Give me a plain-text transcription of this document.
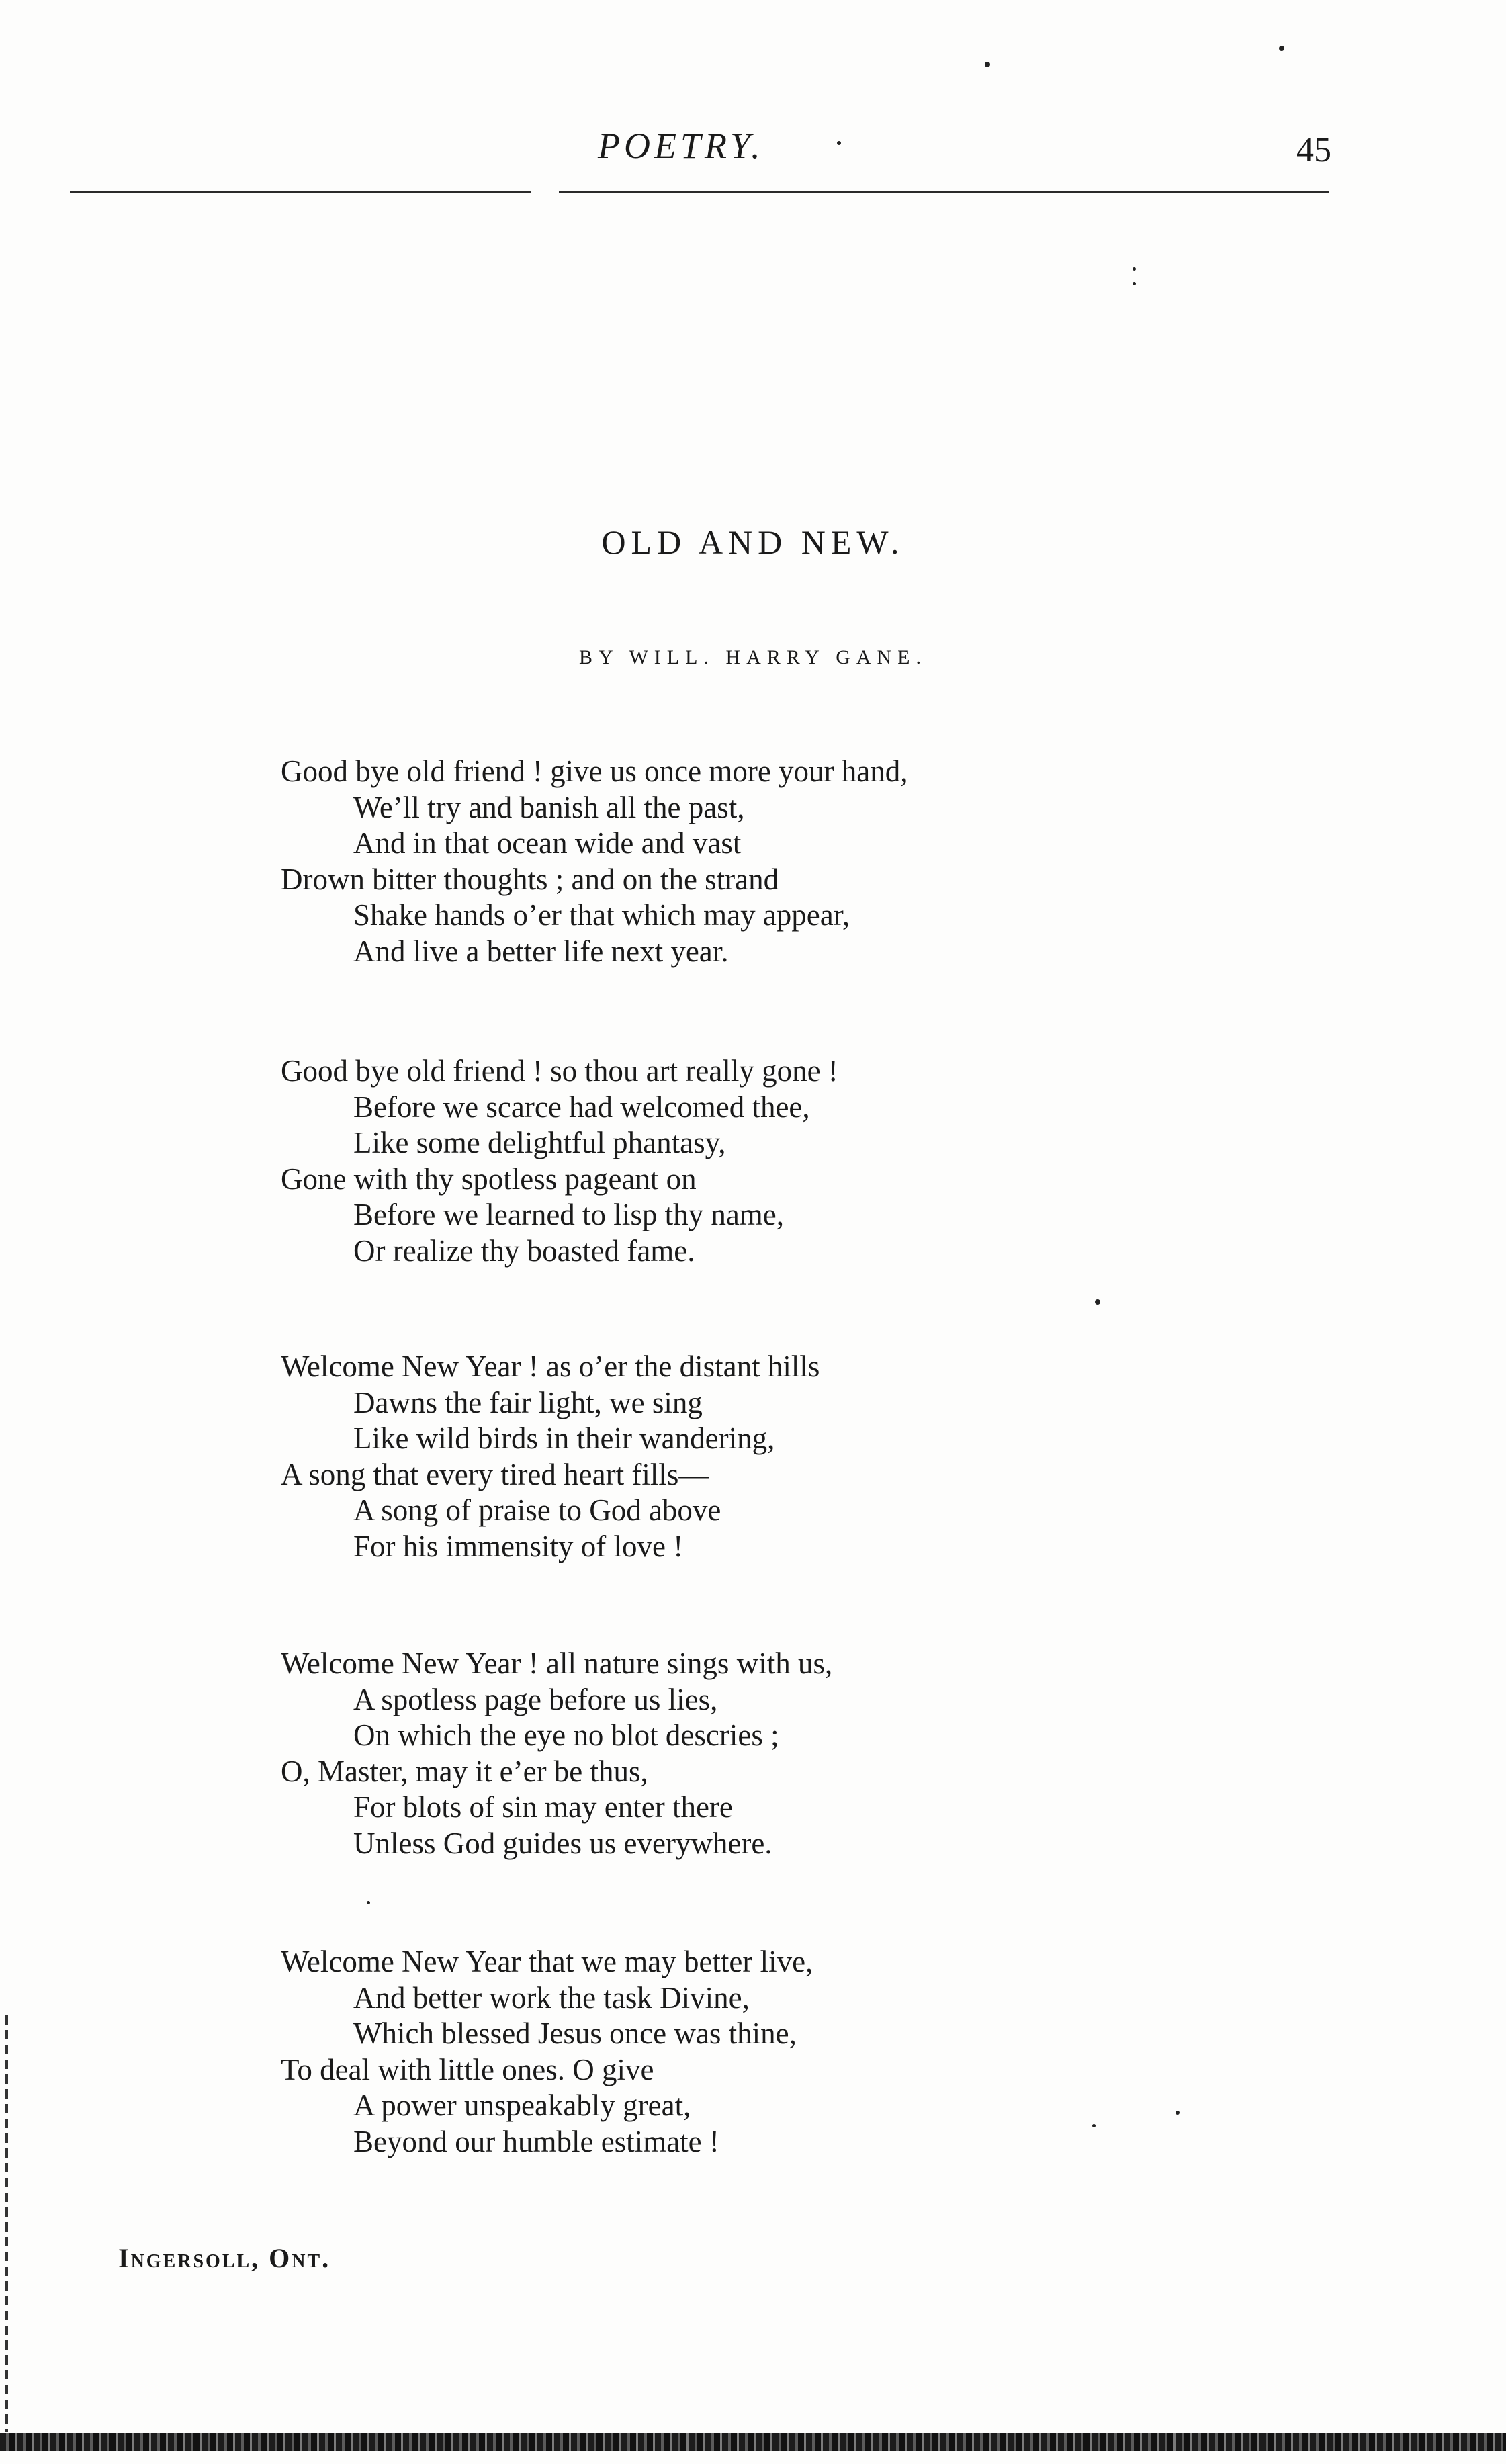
POETRY.	45
OLD AND NEW.
BY WILL. HARRY GANE.
Good bye old friend ! give us once more your hand,
We’ll try and banish all the past,
And in that ocean wide and vast
Drown bitter thoughts ; and on the strand
Shake hands o’er that which may appear,
And live a better life next year.
Good bye old friend ! so thou art really gone !
Before we scarce had welcomed thee,
Like some delightful phantasy,
Gone with thy spotless pageant on
Before we learned to lisp thy name,
Or realize thy boasted fame.
Welcome New Year ! as o’er the distant hills
Dawns the fair light, we sing
Like wild birds in their wandering,
A song that every tired heart fills—
A song of praise to God above
For his immensity of love !
Welcome New Year ! all nature sings with us,
A spotless page before us lies,
On which the eye no blot descries ;
O, Master, may it e’er be thus,
For blots of sin may enter there
Unless God guides us everywhere.
Welcome New Year that we may better live,
And better work the task Divine,
Which blessed Jesus once was thine,
To deal with little ones. O give
A power unspeakably great,
Beyond our humble estimate !
Ingersoll, Ont.
